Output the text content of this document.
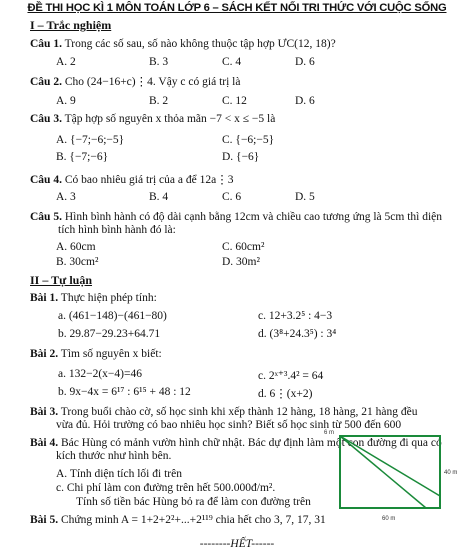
ĐỀ THI HỌC KÌ 1 MÔN TOÁN LỚP 6 – SÁCH KẾT NỐI TRI THỨC VỚI CUỘC SỐNG
I – Trắc nghiệm
Câu 1. Trong các số sau, số nào không thuộc tập hợp ƯC(12, 18)?
A. 2	B. 3	C. 4	D. 6
Câu 2. Cho (24−16+c)⋮4. Vậy c có giá trị là
A. 9	B. 2	C. 12	D. 6
Câu 3. Tập hợp số nguyên x thỏa mãn −7 < x ≤ −5 là
A. {−7;−6;−5}	C. {−6;−5}
B. {−7;−6}	D. {−6}
Câu 4. Có bao nhiêu giá trị của a để 12a⋮3
A. 3	B. 4	C. 6	D. 5
Câu 5. Hình bình hành có độ dài cạnh bằng 12cm và chiều cao tương ứng là 5cm thì diện
tích hình bình hành đó là:
A. 60cm	C. 60cm²
B. 30cm²	D. 30m²
II – Tự luận
Bài 1. Thực hiện phép tính:
a. (461−148)−(461−80)	c. 12+3.2⁵ : 4−3
b. 29.87−29.23+64.71	d. (3⁸+24.3⁵) : 3⁴
Bài 2. Tìm số nguyên x biết:
a. 132−2(x−4)=46	c. 2ˣ⁺³.4² = 64
b. 9x−4x = 6¹⁷ : 6¹⁵ + 48 : 12	d. 6⋮(x+2)
Bài 3. Trong buổi chào cờ, số học sinh khi xếp thành 12 hàng, 18 hàng, 21 hàng đều
vừa đủ. Hỏi trường có bao nhiêu học sinh? Biết số học sinh từ 500 đến 600
Bài 4. Bác Hùng có mảnh vườn hình chữ nhật. Bác dự định làm một con đường đi qua có
kích thước như hình bên.
A. Tính diện tích lối đi trên
c. Chi phí làm con đường trên hết 500.000đ/m².
Tính số tiền bác Hùng bỏ ra để làm con đường trên
6 m
40 m
60 m
Bài 5. Chứng minh A = 1+2+2²+...+2¹¹⁹ chia hết cho 3, 7, 17, 31
--------HẾT------
